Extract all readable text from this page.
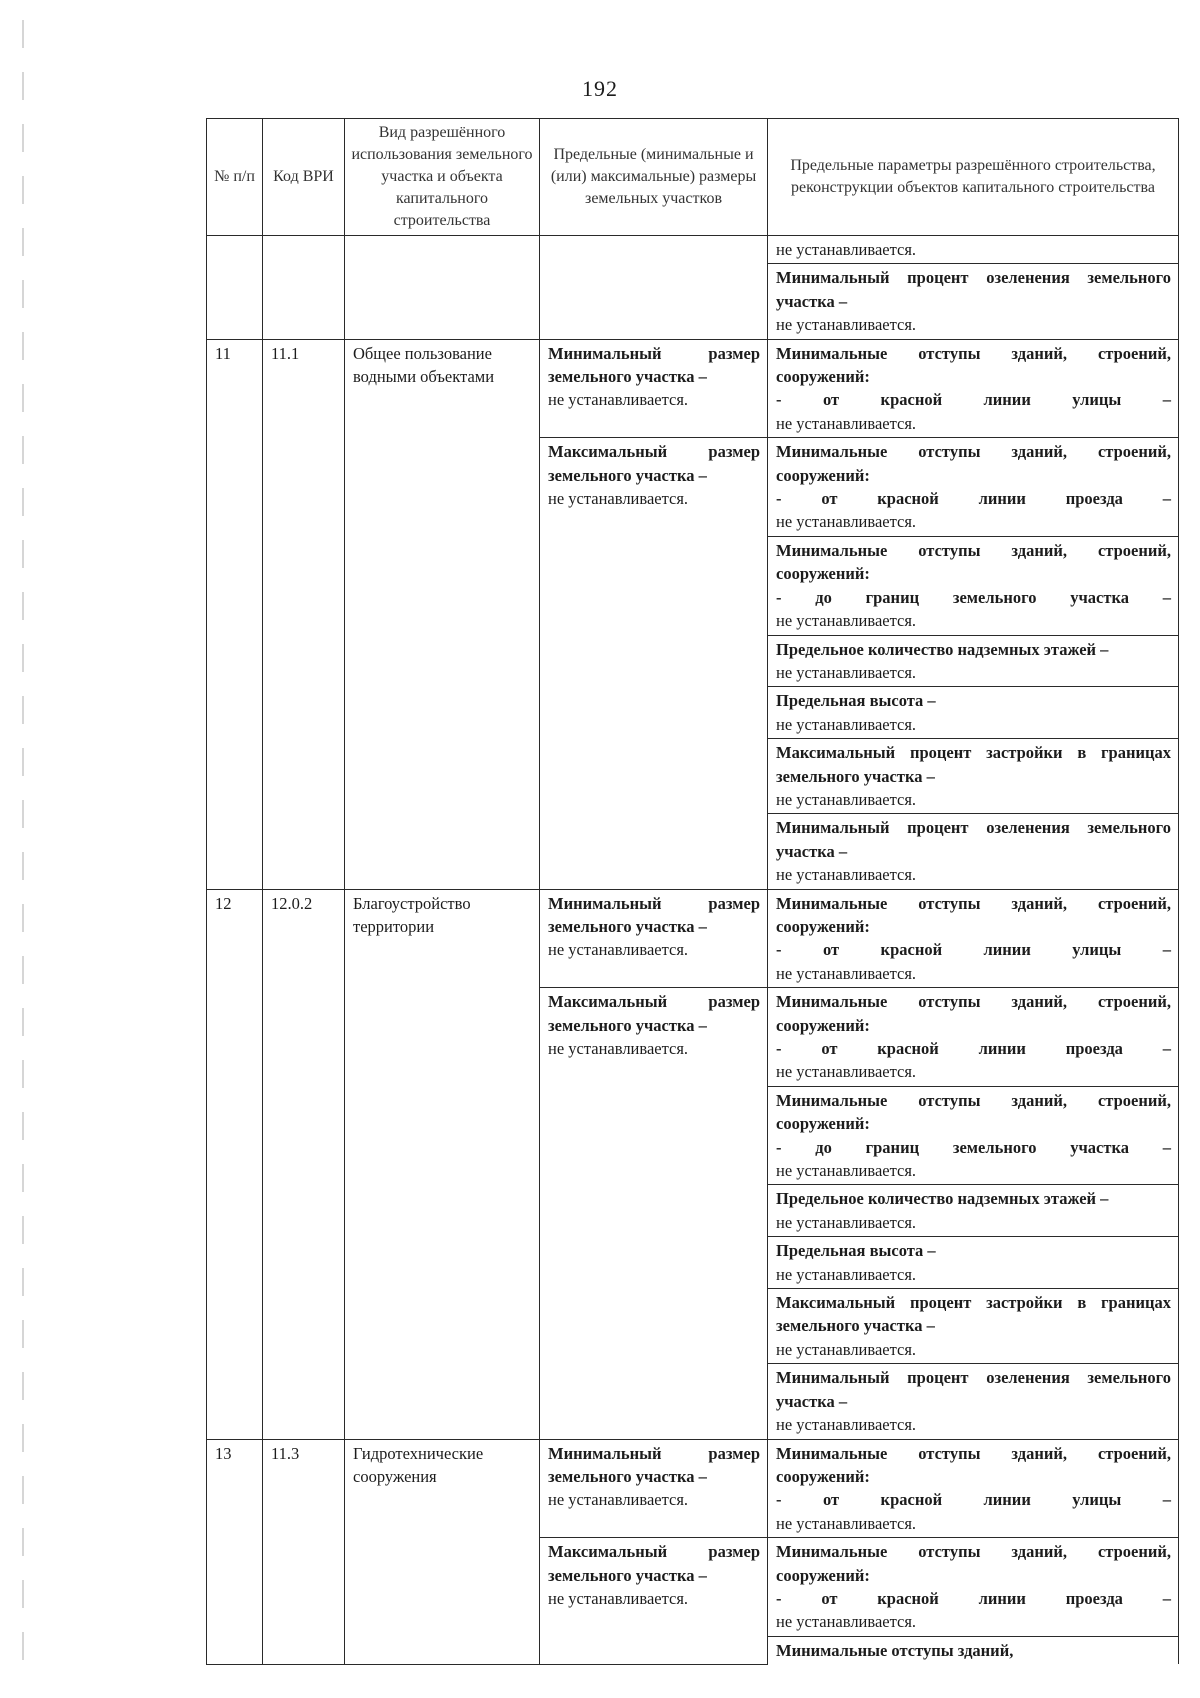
192
№ п/п	Код ВРИ	Вид разрешённого использования земельного участка и объекта капитального строительства	Предельные (минимальные и (или) максимальные) размеры земельных участков	Предельные параметры разрешённого строительства, реконструкции объектов капитального строительства

				не устанавливается.

				Минимальный процент озеленения земельного участка –
не устанавливается.

11	11.1	Общее пользование водными объектами	Минимальный размер земельного участка –
не устанавливается.	Минимальные отступы зданий, строений, сооружений:
- от красной линии улицы –
не устанавливается.

			Максимальный размер земельного участка –
не устанавливается.	Минимальные отступы зданий, строений, сооружений:
- от красной линии проезда –
не устанавливается.

				Минимальные отступы зданий, строений, сооружений:
- до границ земельного участка –
не устанавливается.

				Предельное количество надземных этажей –
не устанавливается.

				Предельная высота –
не устанавливается.

				Максимальный процент застройки в границах земельного участка –
не устанавливается.

				Минимальный процент озеленения земельного участка –
не устанавливается.

12	12.0.2	Благоустройство территории	Минимальный размер земельного участка –
не устанавливается.	Минимальные отступы зданий, строений, сооружений:
- от красной линии улицы –
не устанавливается.

			Максимальный размер земельного участка –
не устанавливается.	Минимальные отступы зданий, строений, сооружений:
- от красной линии проезда –
не устанавливается.

				Минимальные отступы зданий, строений, сооружений:
- до границ земельного участка –
не устанавливается.

				Предельное количество надземных этажей –
не устанавливается.

				Предельная высота –
не устанавливается.

				Максимальный процент застройки в границах земельного участка –
не устанавливается.

				Минимальный процент озеленения земельного участка –
не устанавливается.

13	11.3	Гидротехнические сооружения	Минимальный размер земельного участка –
не устанавливается.	Минимальные отступы зданий, строений, сооружений:
- от красной линии улицы –
не устанавливается.

			Максимальный размер земельного участка –
не устанавливается.	Минимальные отступы зданий, строений, сооружений:
- от красной линии проезда –
не устанавливается.

				Минимальные отступы зданий,
